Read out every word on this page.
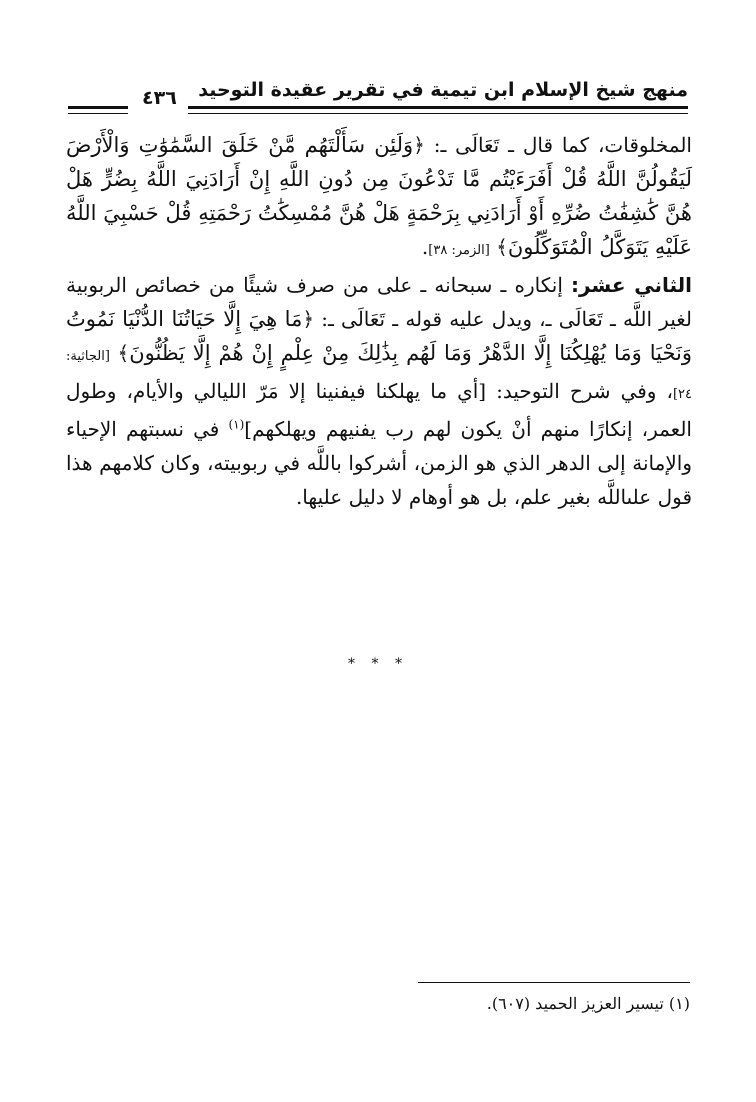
منهج شيخ الإسلام ابن تيمية في تقرير عقيدة التوحيد
٤٣٦

المخلوقات، كما قال ـ تَعَالَى ـ: ﴿وَلَئِن سَأَلْتَهُم مَّنْ خَلَقَ السَّمَٰوَٰتِ وَالْأَرْضَ لَيَقُولُنَّ اللَّهُ قُلْ أَفَرَءَيْتُم مَّا تَدْعُونَ مِن دُونِ اللَّهِ إِنْ أَرَادَنِيَ اللَّهُ بِضُرٍّ هَلْ هُنَّ كَٰشِفَٰتُ ضُرِّهِ أَوْ أَرَادَنِي بِرَحْمَةٍ هَلْ هُنَّ مُمْسِكَٰتُ رَحْمَتِهِ قُلْ حَسْبِيَ اللَّهُ عَلَيْهِ يَتَوَكَّلُ الْمُتَوَكِّلُونَ﴾ [الزمر: ٣٨].

الثاني عشر: إنكاره ـ سبحانه ـ على من صرف شيئًا من خصائص الربوبية لغير اللَّه ـ تَعَالَى ـ، ويدل عليه قوله ـ تَعَالَى ـ: ﴿مَا هِيَ إِلَّا حَيَاتُنَا الدُّنْيَا نَمُوتُ وَنَحْيَا وَمَا يُهْلِكُنَا إِلَّا الدَّهْرُ وَمَا لَهُم بِذَٰلِكَ مِنْ عِلْمٍ إِنْ هُمْ إِلَّا يَظُنُّونَ﴾ [الجاثية: ٢٤]، وفي شرح التوحيد: [أي ما يهلكنا فيفنينا إلا مَرّ الليالي والأيام، وطول العمر، إنكارًا منهم أنْ يكون لهم رب يفنيهم ويهلكهم]$^{(١)}$ في نسبتهم الإحياء والإمانة إلى الدهر الذي هو الزمن، أشركوا باللَّه في ربوبيته، وكان كلامهم هذا قول علىاللَّه بغير علم، بل هو أوهام لا دليل عليها.

* * *
(١) تيسير العزيز الحميد (٦٠٧).
